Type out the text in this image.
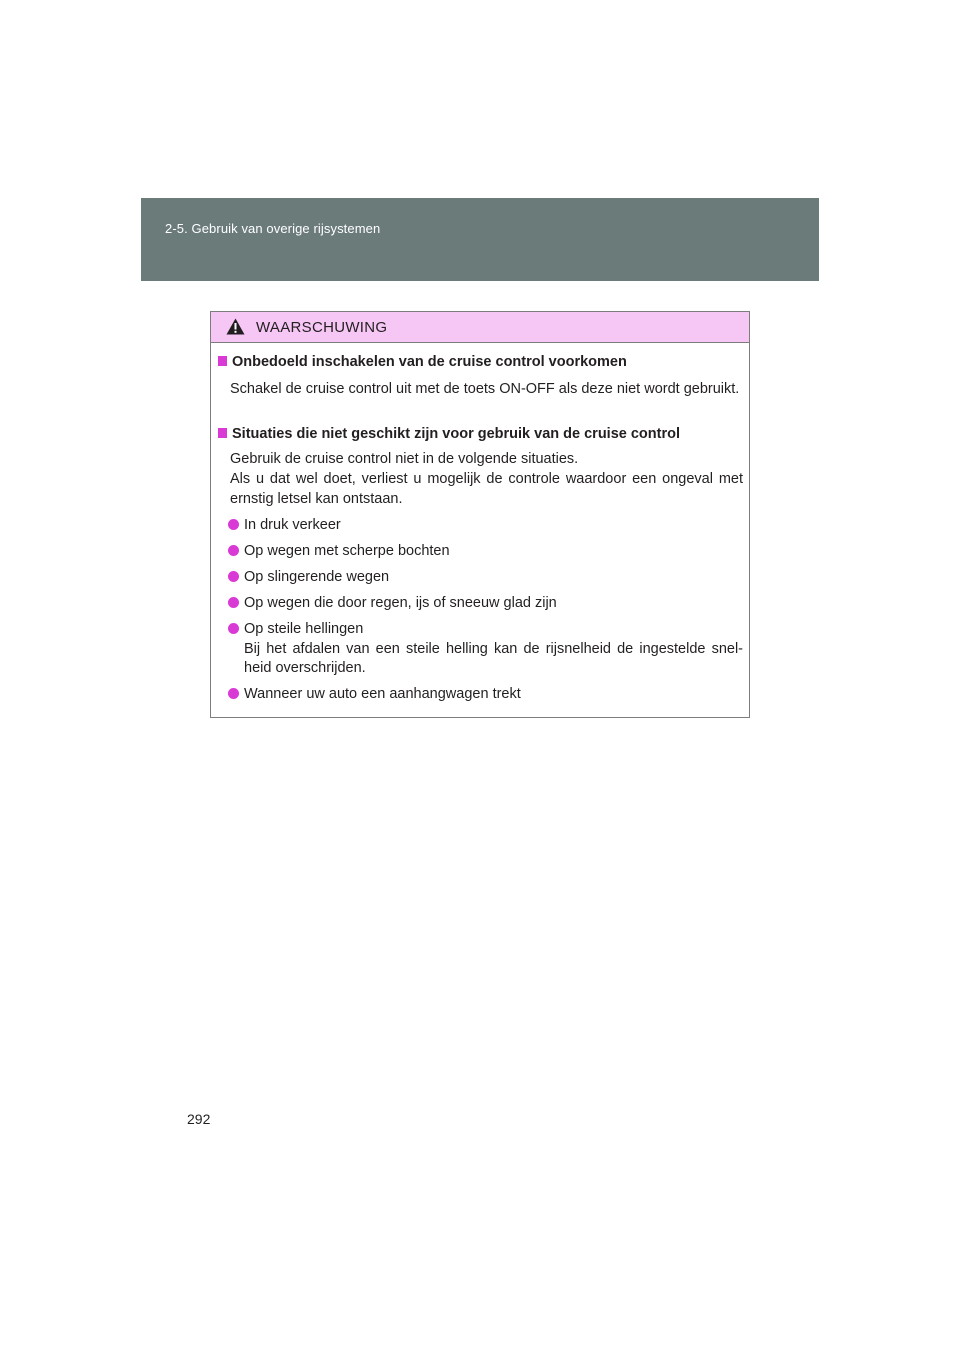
2-5. Gebruik van overige rijsystemen
WAARSCHUWING
Onbedoeld inschakelen van de cruise control voorkomen
Schakel de cruise control uit met de toets ON-OFF als deze niet wordt gebruikt.
Situaties die niet geschikt zijn voor gebruik van de cruise control
Gebruik de cruise control niet in de volgende situaties.
Als u dat wel doet, verliest u mogelijk de controle waardoor een ongeval met ernstig letsel kan ontstaan.
In druk verkeer
Op wegen met scherpe bochten
Op slingerende wegen
Op wegen die door regen, ijs of sneeuw glad zijn
Op steile hellingen
Bij het afdalen van een steile helling kan de rijsnelheid de ingestelde snel-heid overschrijden.
Wanneer uw auto een aanhangwagen trekt
292
